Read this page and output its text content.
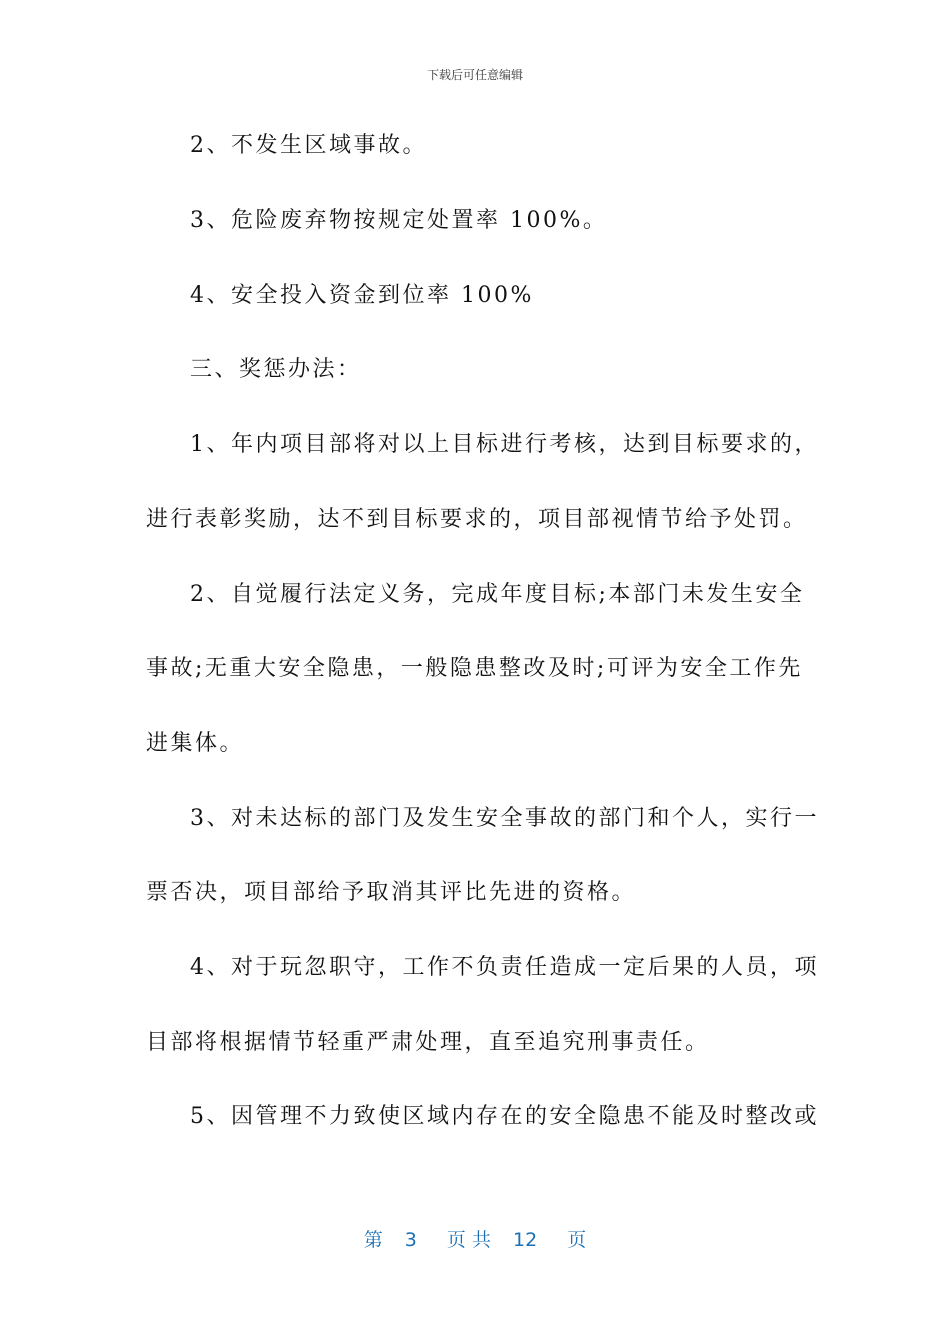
下载后可任意编辑
2、不发生区域事故。
3、危险废弃物按规定处置率 100%。
4、安全投入资金到位率 100%
三、奖惩办法：
1、年内项目部将对以上目标进行考核，达到目标要求的，
进行表彰奖励，达不到目标要求的，项目部视情节给予处罚。
2、自觉履行法定义务，完成年度目标;本部门未发生安全
事故;无重大安全隐患，一般隐患整改及时;可评为安全工作先
进集体。
3、对未达标的部门及发生安全事故的部门和个人，实行一
票否决，项目部给予取消其评比先进的资格。
4、对于玩忽职守，工作不负责任造成一定后果的人员，项
目部将根据情节轻重严肃处理，直至追究刑事责任。
5、因管理不力致使区域内存在的安全隐患不能及时整改或
第 3 页 共 12 页
